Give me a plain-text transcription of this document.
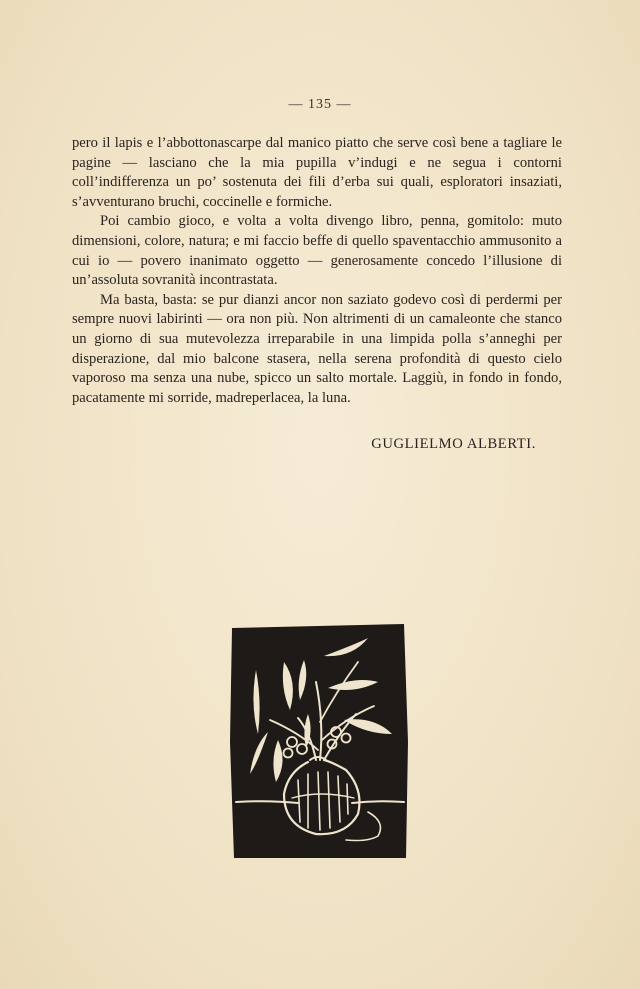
— 135 —

pero il lapis e l’abbottonascarpe dal manico piatto che serve così bene a tagliare le pagine — lasciano che la mia pupilla v’indugi e ne segua i contorni coll’indifferenza un po’ sostenuta dei fili d’erba sui quali, esploratori insaziati, s’avventurano bruchi, coccinelle e formiche.

Poi cambio gioco, e volta a volta divengo libro, penna, gomitolo: muto dimensioni, colore, natura; e mi faccio beffe di quello spaventacchio ammusonito a cui io — povero inanimato oggetto — generosamente concedo l’illusione di un’assoluta sovranità incontrastata.

Ma basta, basta: se pur dianzi ancor non saziato godevo così di perdermi per sempre nuovi labirinti — ora non più. Non altrimenti di un camaleonte che stanco un giorno di sua mutevolezza irreparabile in una limpida polla s’anneghi per disperazione, dal mio balcone stasera, nella serena profondità di questo cielo vaporoso ma senza una nube, spicco un salto mortale. Laggiù, in fondo in fondo, pacatamente mi sorride, madreperlacea, la luna.

GUGLIELMO ALBERTI.
